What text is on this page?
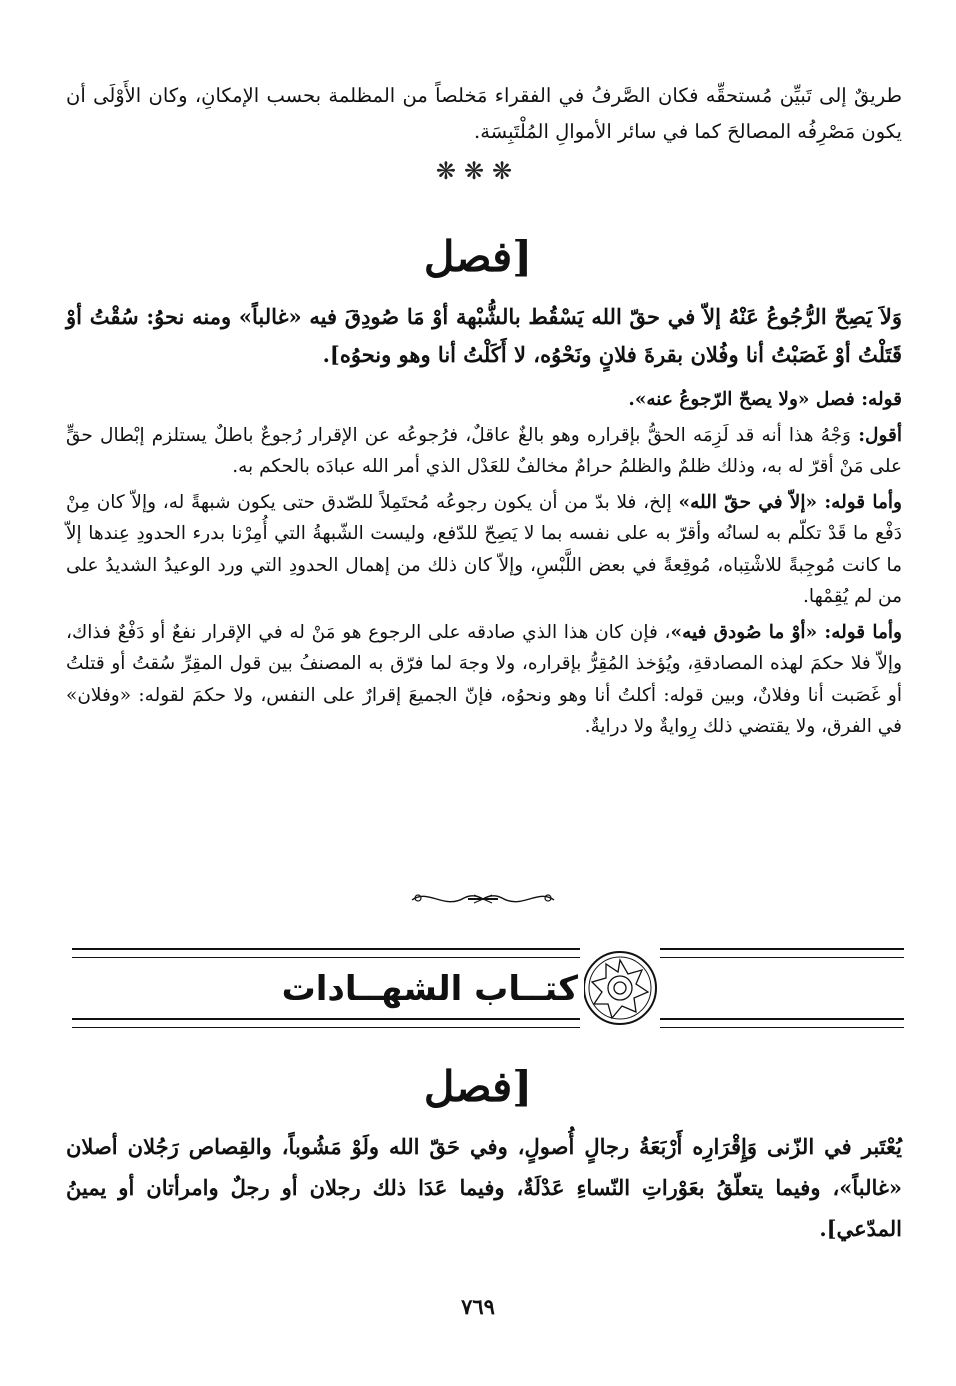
طريقٌ إلى تَبيِّن مُستحقِّه فكان الصَّرفُ في الفقراء مَخلصاً من المظلمة بحسب الإمكانِ، وكان الأَوْلَى أن يكون مَصْرِفُه المصالحَ كما في سائر الأموالِ المُلْتَبِسَة.
❋❋❋
[فصل
وَلاَ يَصِحّ الرُّجُوعُ عَنْهُ إلاّ في حقّ الله يَسْقُط بالشُّبْهة أوْ مَا صُودِقَ فيه «غالباً» ومنه نحوُ: سُقْتُ أوْ قَتَلْتُ أوْ غَصَبْتُ أنا وفُلان بقرةَ فلانٍ ونَحْوُه، لا أَكَلْتُ أنا وهو ونحوُه].

قوله: فصل «ولا يصحّ الرّجوعُ عنه».

أقول: وَجْهُ هذا أنه قد لَزِمَه الحقُّ بإقراره وهو بالغٌ عاقلٌ، فرُجوعُه عن الإقرار رُجوعٌ باطلٌ يستلزم إبْطال حقٍّ على مَنْ أقرّ له به، وذلك ظلمٌ والظلمُ حرامٌ مخالفٌ للعَدْل الذي أمر الله عبادَه بالحكم به.

وأما قوله: «إلاّ في حقّ الله» إلخ، فلا بدّ من أن يكون رجوعُه مُحتَمِلاً للصّدق حتى يكون شبهةً له، وإلاّ كان مِنْ دَفْع ما قَدْ تكلّم به لسانُه وأقرّ به على نفسه بما لا يَصِحّ للدّفع، وليست الشّبهةُ التي أُمِرْنا بدرء الحدودِ عِندها إلاّ ما كانت مُوجِبةً للاشْتِباه، مُوقِعةً في بعض اللَّبْسِ، وإلاّ كان ذلك من إهمال الحدودِ التي ورد الوعيدُ الشديدُ على من لم يُقِمْها.

وأما قوله: «أوْ ما صُودق فيه»، فإن كان هذا الذي صادقه على الرجوع هو مَنْ له في الإقرار نفعٌ أو دَفْعٌ فذاك، وإلاّ فلا حكمَ لهذه المصادقةِ، ويُؤخذ المُقِرُّ بإقراره، ولا وجهَ لما فرّق به المصنفُ بين قول المقِرِّ سُقتُ أو قتلتُ أو غَصَبت أنا وفلانٌ، وبين قوله: أكلتُ أنا وهو ونحوُه، فإنّ الجميعَ إقرارٌ على النفس، ولا حكمَ لقوله: «وفلان» في الفرق، ولا يقتضي ذلك رِوايةٌ ولا درايةٌ.

كتــاب الشهــادات
[فصل
يُعْتَبر في الزّنى وَإِقْرَارِه أَرْبَعَةُ رجالٍ أُصولٍ، وفي حَقّ الله ولَوْ مَشُوباً، والقِصاص رَجُلان أصلان «غالباً»، وفيما يتعلّقُ بعَوْراتِ النّساءِ عَدْلَةٌ، وفيما عَدَا ذلك رجلان أو رجلٌ وامرأتان أو يمينُ المدّعي].
٧٦٩
